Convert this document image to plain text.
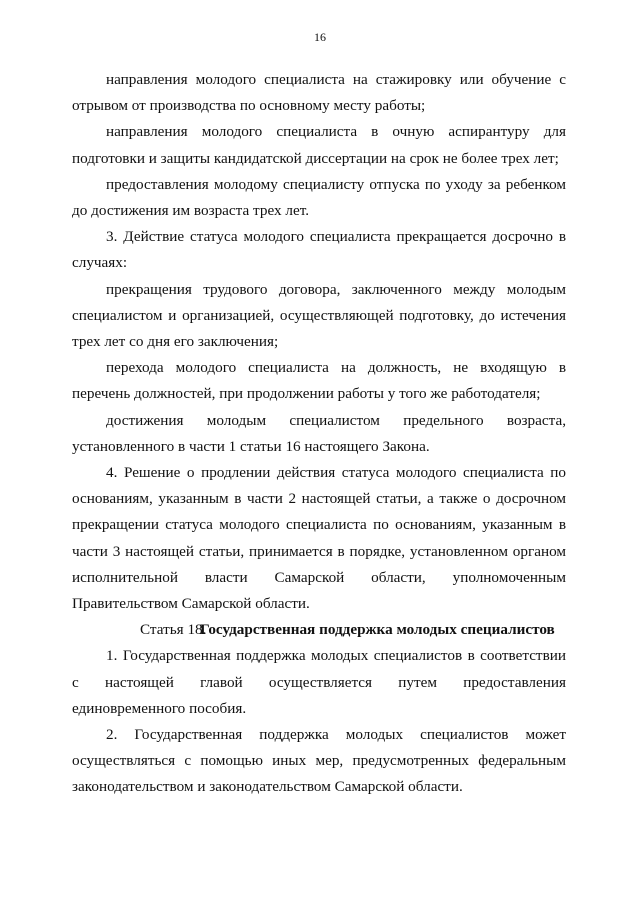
16

направления молодого специалиста на стажировку или обучение с отрывом от производства по основному месту работы;

направления молодого специалиста в очную аспирантуру для подготовки и защиты кандидатской диссертации на срок не более трех лет;

предоставления молодому специалисту отпуска по уходу за ребенком до достижения им возраста трех лет.

3. Действие статуса молодого специалиста прекращается досрочно в случаях:

прекращения трудового договора, заключенного между молодым специалистом и организацией, осуществляющей подготовку, до истечения трех лет со дня его заключения;

перехода молодого специалиста на должность, не входящую в перечень должностей, при продолжении работы у того же работодателя;

достижения молодым специалистом предельного возраста, установленного в части 1 статьи 16 настоящего Закона.

4. Решение о продлении действия статуса молодого специалиста по основаниям, указанным в части 2 настоящей статьи, а также о досрочном прекращении статуса молодого специалиста по основаниям, указанным в части 3 настоящей статьи, принимается в порядке, установленном органом исполнительной власти Самарской области, уполномоченным Правительством Самарской области.

Статья 18.Государственная поддержка молодых специалистов

1. Государственная поддержка молодых специалистов в соответствии с настоящей главой осуществляется путем предоставления единовременного пособия.

2. Государственная поддержка молодых специалистов может осуществляться с помощью иных мер, предусмотренных федеральным законодательством и законодательством Самарской области.
